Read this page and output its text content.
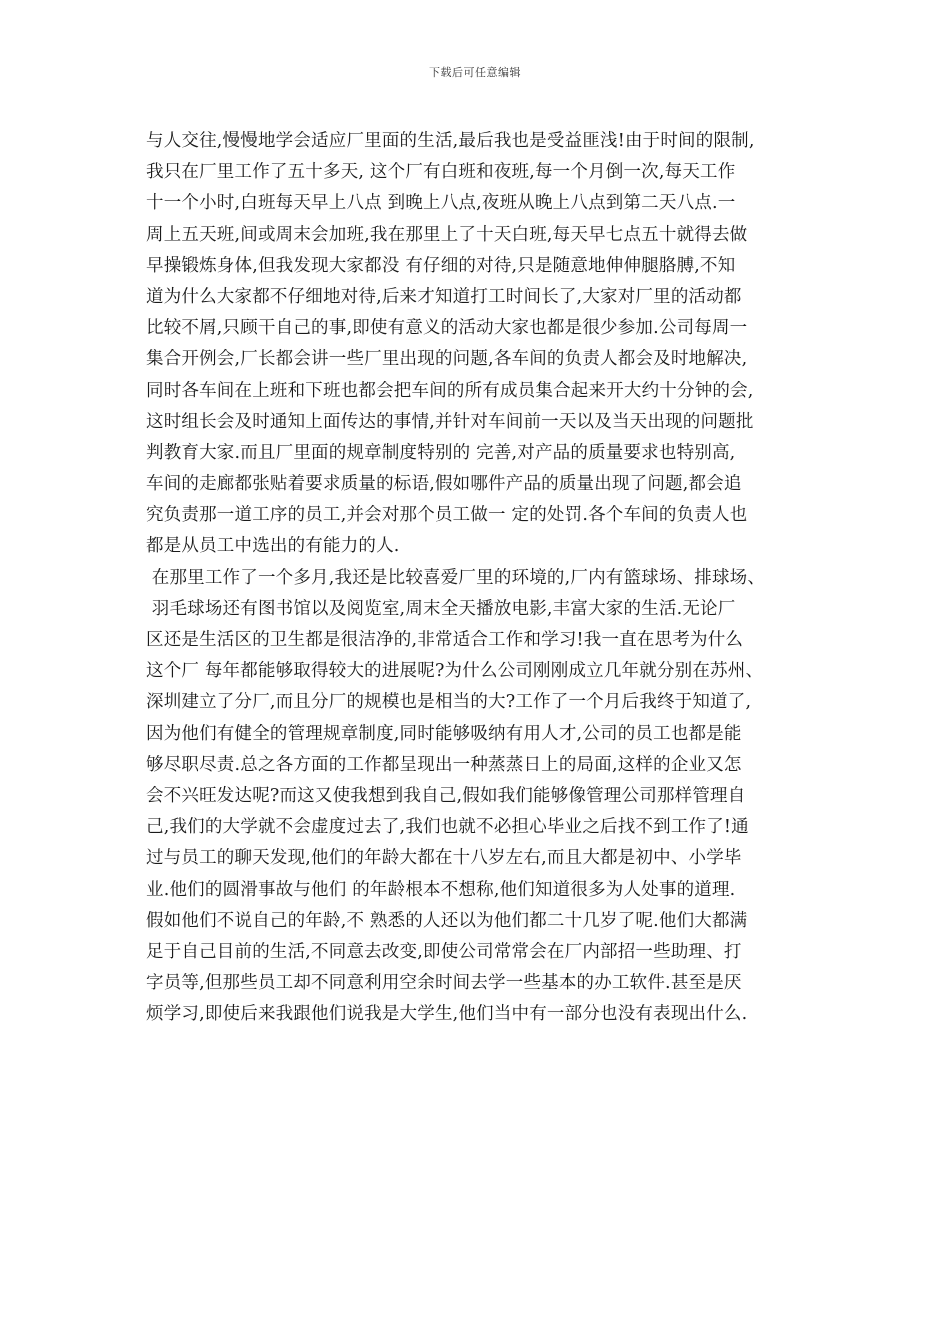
下载后可任意编辑
与人交往,慢慢地学会适应厂里面的生活,最后我也是受益匪浅!由于时间的限制,
我只在厂里工作了五十多天, 这个厂有白班和夜班,每一个月倒一次,每天工作
十一个小时,白班每天早上八点 到晚上八点,夜班从晚上八点到第二天八点.一
周上五天班,间或周末会加班,我在那里上了十天白班,每天早七点五十就得去做
早操锻炼身体,但我发现大家都没 有仔细的对待,只是随意地伸伸腿胳膊,不知
道为什么大家都不仔细地对待,后来才知道打工时间长了,大家对厂里的活动都
比较不屑,只顾干自己的事,即使有意义的活动大家也都是很少参加.公司每周一
集合开例会,厂长都会讲一些厂里出现的问题,各车间的负责人都会及时地解决,
同时各车间在上班和下班也都会把车间的所有成员集合起来开大约十分钟的会,
这时组长会及时通知上面传达的事情,并针对车间前一天以及当天出现的问题批
判教育大家.而且厂里面的规章制度特别的 完善,对产品的质量要求也特别高,
车间的走廊都张贴着要求质量的标语,假如哪件产品的质量出现了问题,都会追
究负责那一道工序的员工,并会对那个员工做一 定的处罚.各个车间的负责人也
都是从员工中选出的有能力的人.
在那里工作了一个多月,我还是比较喜爱厂里的环境的,厂内有篮球场、排球场、
羽毛球场还有图书馆以及阅览室,周末全天播放电影,丰富大家的生活.无论厂
区还是生活区的卫生都是很洁净的,非常适合工作和学习!我一直在思考为什么
这个厂 每年都能够取得较大的进展呢?为什么公司刚刚成立几年就分别在苏州、
深圳建立了分厂,而且分厂的规模也是相当的大?工作了一个月后我终于知道了,
因为他们有健全的管理规章制度,同时能够吸纳有用人才,公司的员工也都是能
够尽职尽责.总之各方面的工作都呈现出一种蒸蒸日上的局面,这样的企业又怎
会不兴旺发达呢?而这又使我想到我自己,假如我们能够像管理公司那样管理自
己,我们的大学就不会虚度过去了,我们也就不必担心毕业之后找不到工作了!通
过与员工的聊天发现,他们的年龄大都在十八岁左右,而且大都是初中、小学毕
业.他们的圆滑事故与他们 的年龄根本不想称,他们知道很多为人处事的道理.
假如他们不说自己的年龄,不 熟悉的人还以为他们都二十几岁了呢.他们大都满
足于自己目前的生活,不同意去改变,即使公司常常会在厂内部招一些助理、打
字员等,但那些员工却不同意利用空余时间去学一些基本的办工软件.甚至是厌
烦学习,即使后来我跟他们说我是大学生,他们当中有一部分也没有表现出什么.
